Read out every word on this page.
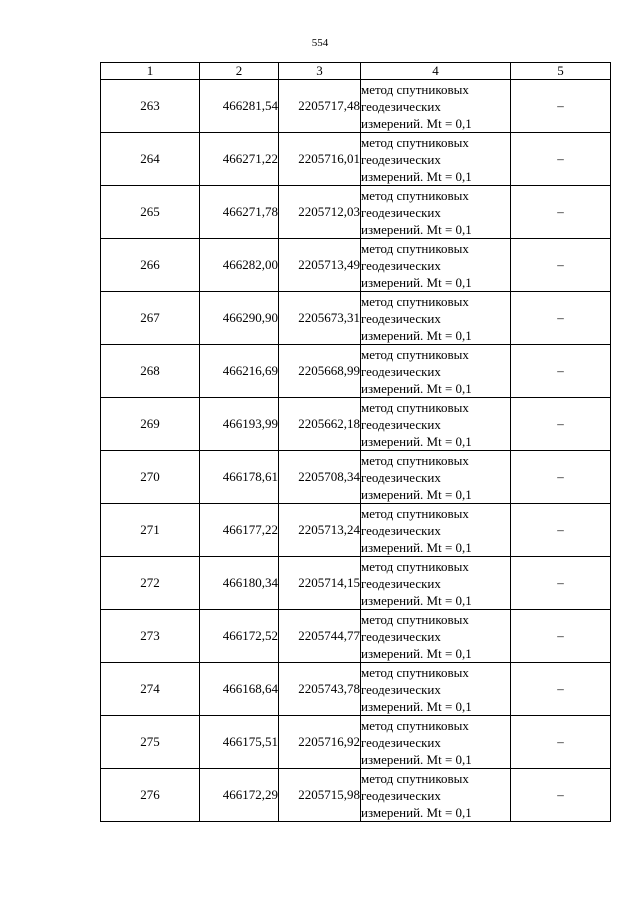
554
1	2	3	4	5
263	466281,54	2205717,48	метод спутниковых
геодезических
измерений. Mt = 0,1	–
264	466271,22	2205716,01	метод спутниковых
геодезических
измерений. Mt = 0,1	–
265	466271,78	2205712,03	метод спутниковых
геодезических
измерений. Mt = 0,1	–
266	466282,00	2205713,49	метод спутниковых
геодезических
измерений. Mt = 0,1	–
267	466290,90	2205673,31	метод спутниковых
геодезических
измерений. Mt = 0,1	–
268	466216,69	2205668,99	метод спутниковых
геодезических
измерений. Mt = 0,1	–
269	466193,99	2205662,18	метод спутниковых
геодезических
измерений. Mt = 0,1	–
270	466178,61	2205708,34	метод спутниковых
геодезических
измерений. Mt = 0,1	–
271	466177,22	2205713,24	метод спутниковых
геодезических
измерений. Mt = 0,1	–
272	466180,34	2205714,15	метод спутниковых
геодезических
измерений. Mt = 0,1	–
273	466172,52	2205744,77	метод спутниковых
геодезических
измерений. Mt = 0,1	–
274	466168,64	2205743,78	метод спутниковых
геодезических
измерений. Mt = 0,1	–
275	466175,51	2205716,92	метод спутниковых
геодезических
измерений. Mt = 0,1	–
276	466172,29	2205715,98	метод спутниковых
геодезических
измерений. Mt = 0,1	–
